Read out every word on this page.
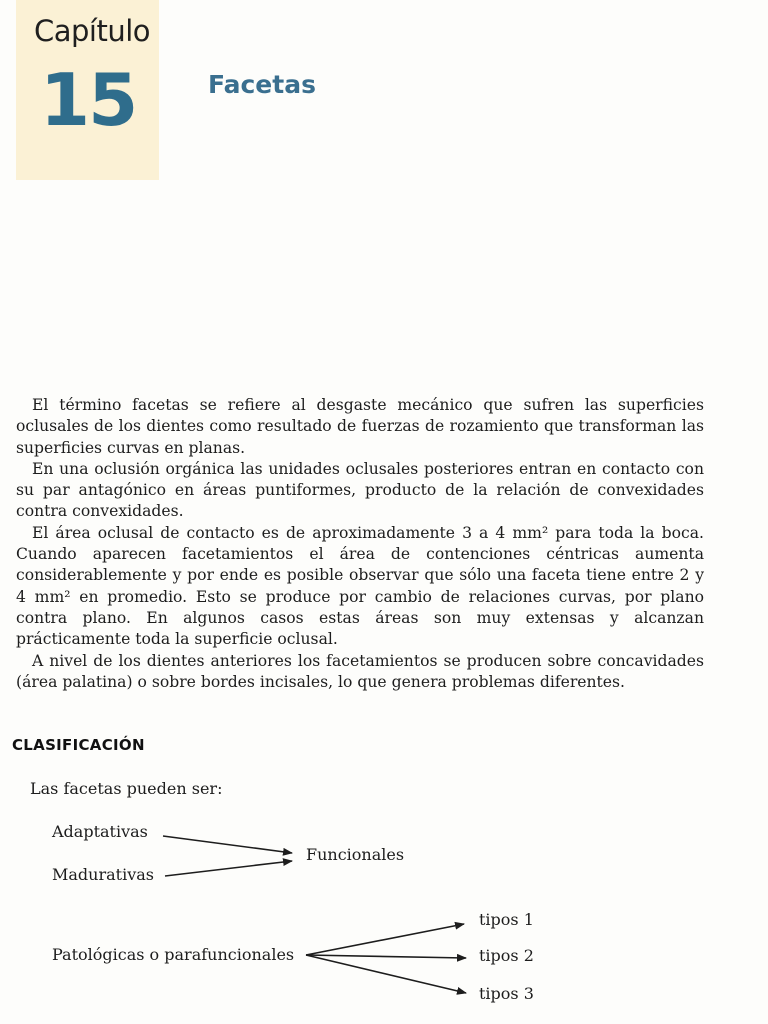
Capítulo
15	Facetas

El término facetas se refiere al desgaste mecánico que sufren las superficies oclusales de los dientes como resultado de fuerzas de rozamiento que transforman las superficies curvas en planas.

En una oclusión orgánica las unidades oclusales posteriores entran en contacto con su par antagónico en áreas puntiformes, producto de la relación de convexidades contra convexidades.

El área oclusal de contacto es de aproximadamente 3 a 4 mm² para toda la boca. Cuando aparecen facetamientos el área de contenciones céntricas aumenta considerablemente y por ende es posible observar que sólo una faceta tiene entre 2 y 4 mm² en promedio. Esto se produce por cambio de relaciones curvas, por plano contra plano. En algunos casos estas áreas son muy extensas y alcanzan prácticamente toda la superficie oclusal.

A nivel de los dientes anteriores los facetamientos se producen sobre concavidades (área palatina) o sobre bordes incisales, lo que genera problemas diferentes.

CLASIFICACIÓN
Las facetas pueden ser:
Adaptativas
Madurativas
Funcionales
Patológicas o parafuncionales
tipos 1
tipos 2
tipos 3
